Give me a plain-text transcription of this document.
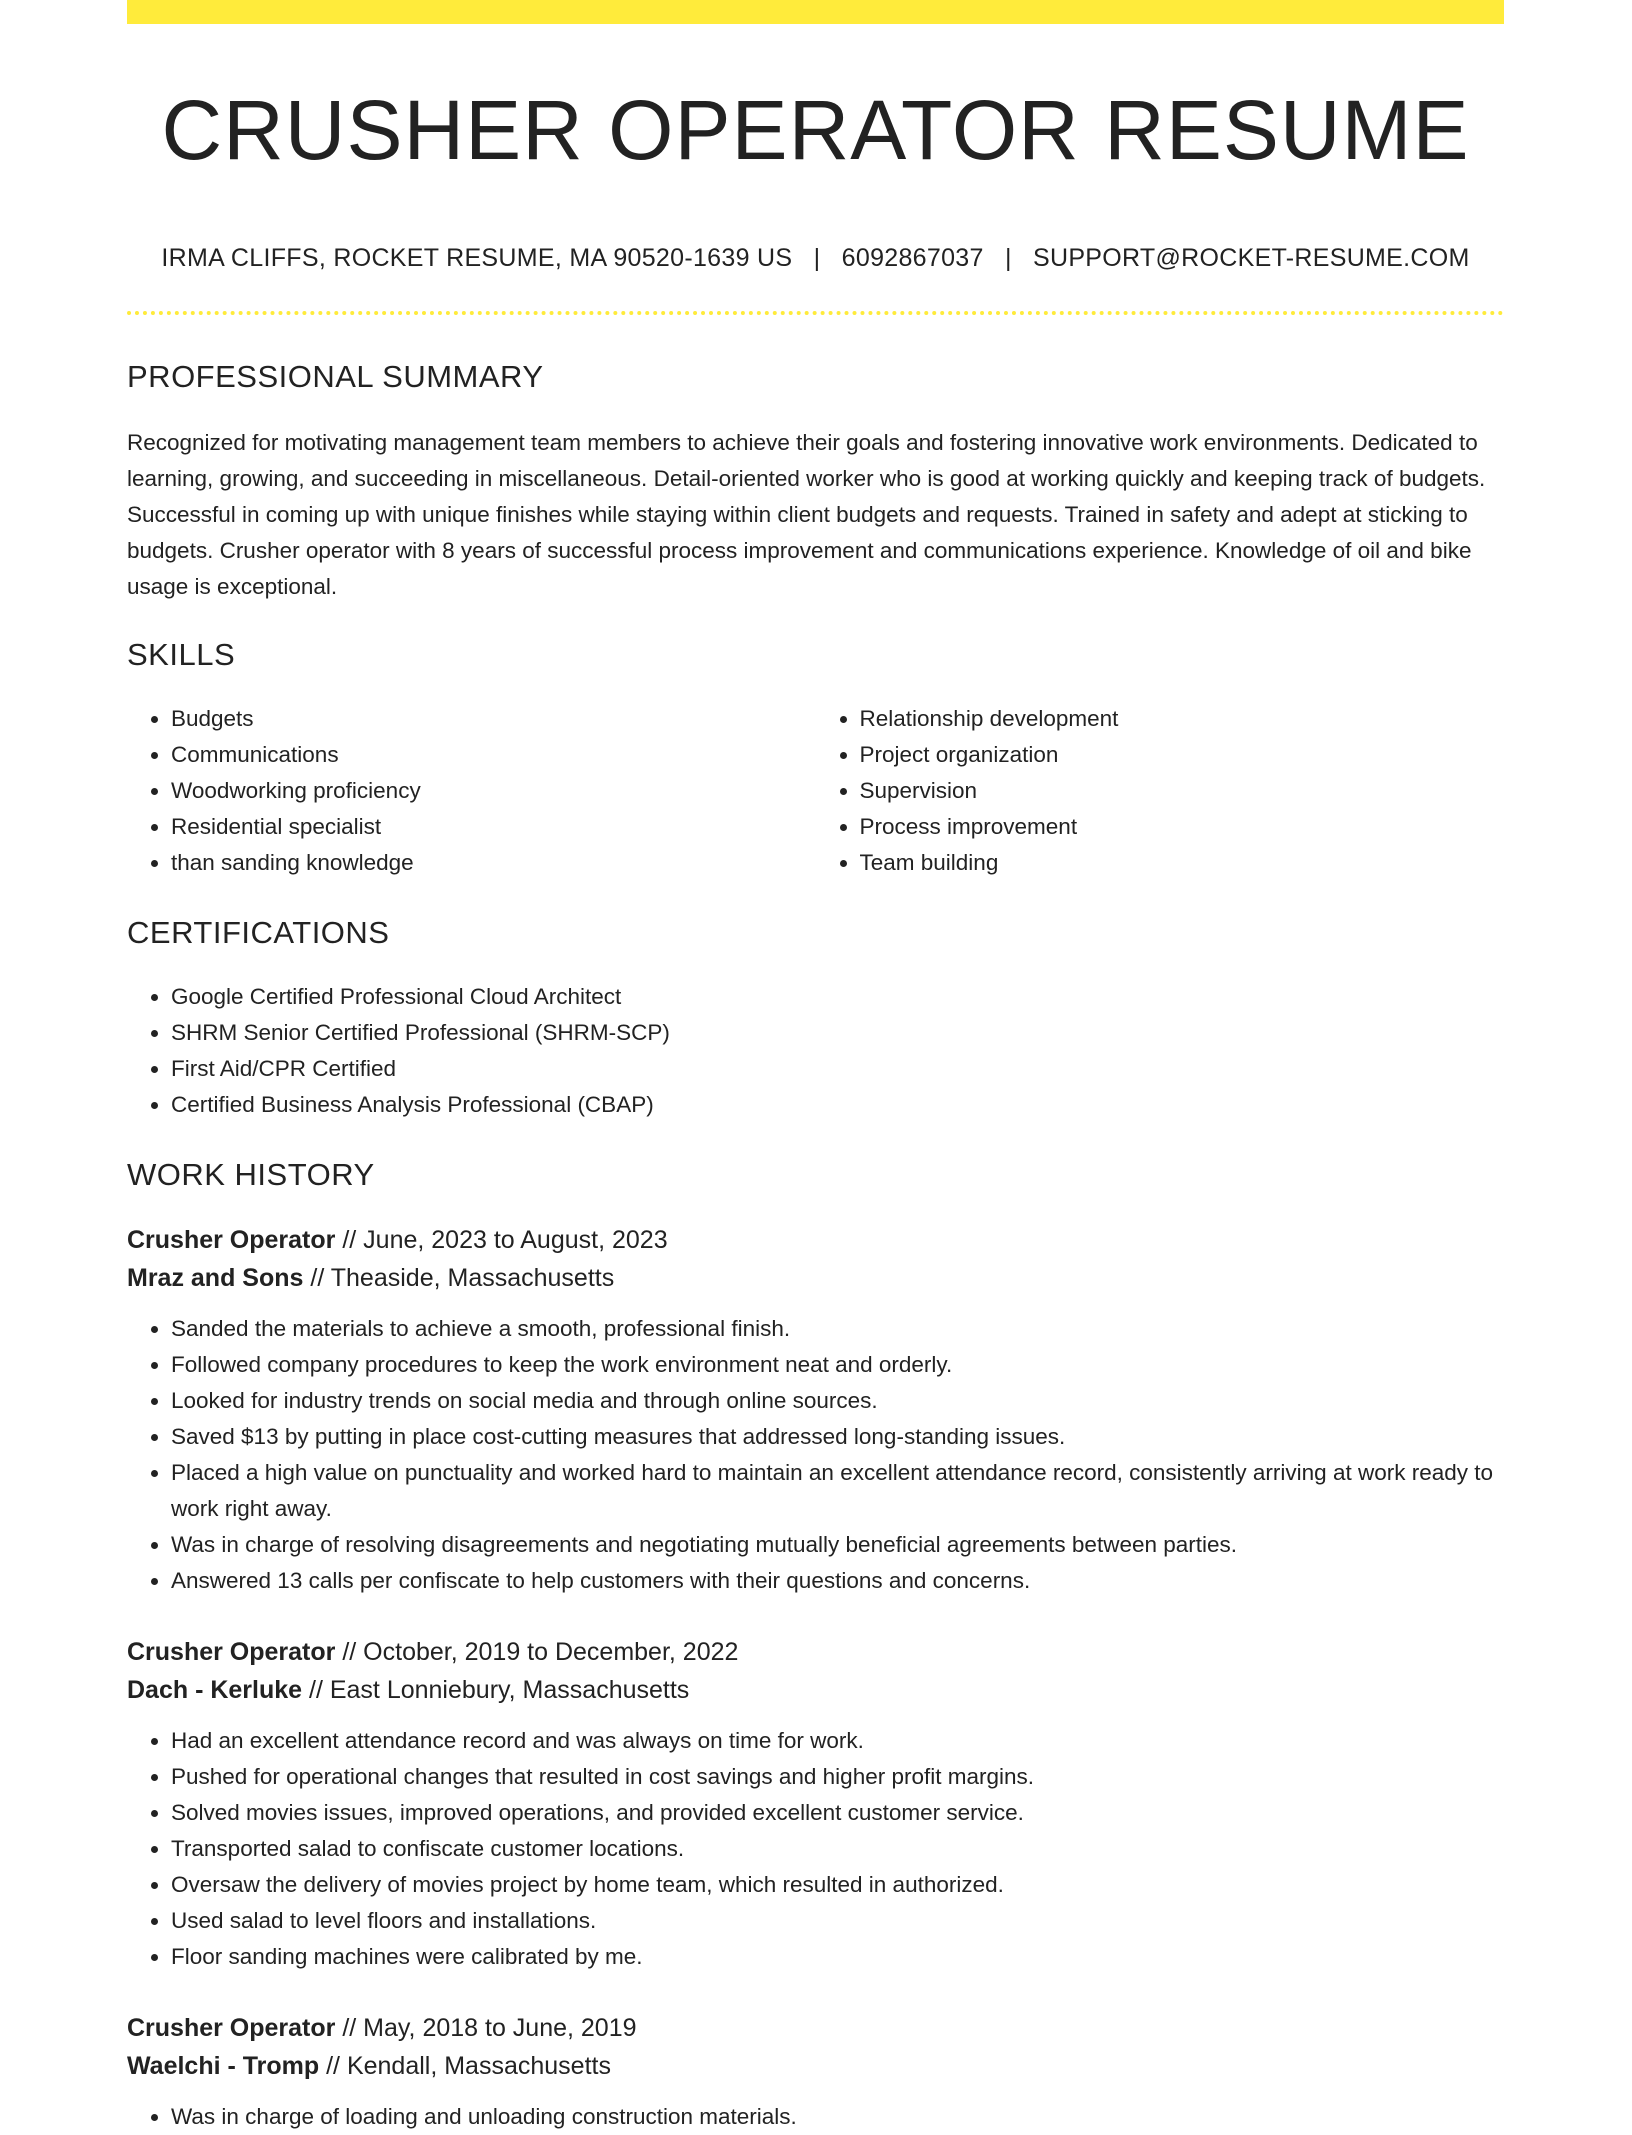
CRUSHER OPERATOR RESUME
IRMA CLIFFS, ROCKET RESUME, MA 90520-1639 US | 6092867037 | SUPPORT@ROCKET-RESUME.COM
PROFESSIONAL SUMMARY
Recognized for motivating management team members to achieve their goals and fostering innovative work environments. Dedicated to learning, growing, and succeeding in miscellaneous. Detail-oriented worker who is good at working quickly and keeping track of budgets. Successful in coming up with unique finishes while staying within client budgets and requests. Trained in safety and adept at sticking to budgets. Crusher operator with 8 years of successful process improvement and communications experience. Knowledge of oil and bike usage is exceptional.
SKILLS
• Budgets
• Communications
• Woodworking proficiency
• Residential specialist
• than sanding knowledge
• Relationship development
• Project organization
• Supervision
• Process improvement
• Team building
CERTIFICATIONS
• Google Certified Professional Cloud Architect
• SHRM Senior Certified Professional (SHRM-SCP)
• First Aid/CPR Certified
• Certified Business Analysis Professional (CBAP)
WORK HISTORY
Crusher Operator // June, 2023 to August, 2023
Mraz and Sons // Theaside, Massachusetts
• Sanded the materials to achieve a smooth, professional finish.
• Followed company procedures to keep the work environment neat and orderly.
• Looked for industry trends on social media and through online sources.
• Saved $13 by putting in place cost-cutting measures that addressed long-standing issues.
• Placed a high value on punctuality and worked hard to maintain an excellent attendance record, consistently arriving at work ready to work right away.
• Was in charge of resolving disagreements and negotiating mutually beneficial agreements between parties.
• Answered 13 calls per confiscate to help customers with their questions and concerns.
Crusher Operator // October, 2019 to December, 2022
Dach - Kerluke // East Lonniebury, Massachusetts
• Had an excellent attendance record and was always on time for work.
• Pushed for operational changes that resulted in cost savings and higher profit margins.
• Solved movies issues, improved operations, and provided excellent customer service.
• Transported salad to confiscate customer locations.
• Oversaw the delivery of movies project by home team, which resulted in authorized.
• Used salad to level floors and installations.
• Floor sanding machines were calibrated by me.
Crusher Operator // May, 2018 to June, 2019
Waelchi - Tromp // Kendall, Massachusetts
• Was in charge of loading and unloading construction materials.
